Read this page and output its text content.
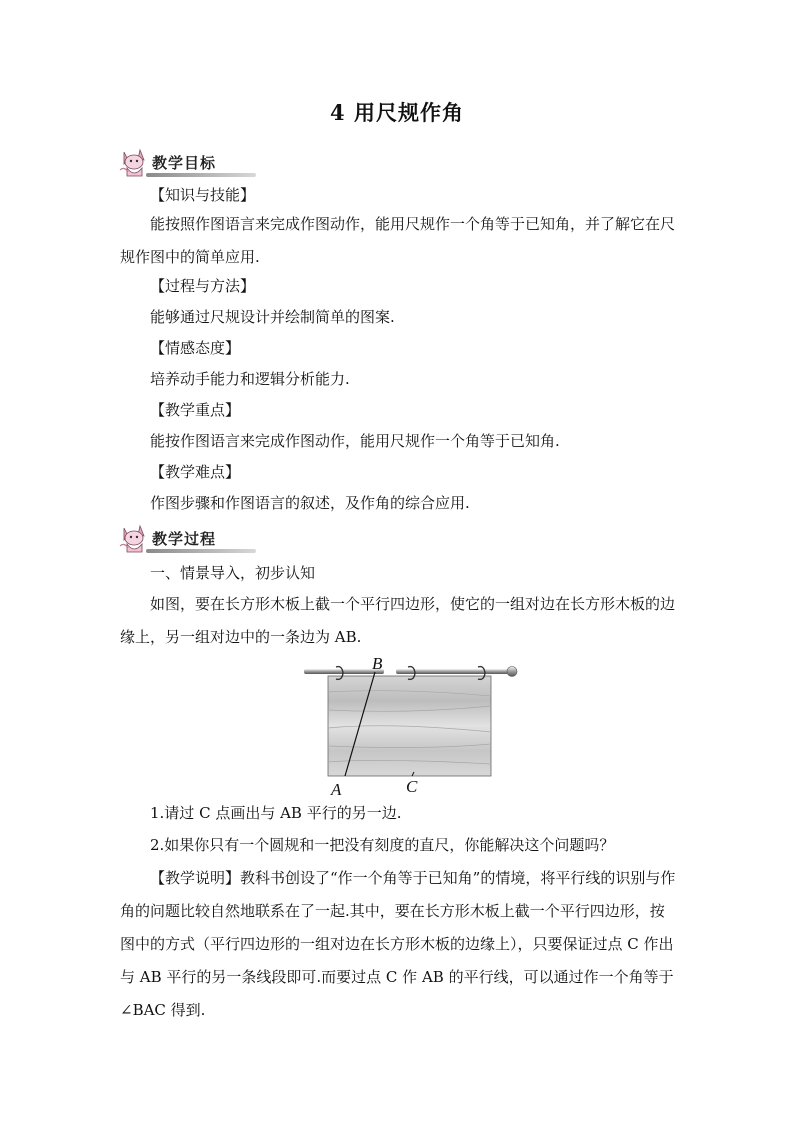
4 用尺规作角
教学目标

【知识与技能】

能按照作图语言来完成作图动作，能用尺规作一个角等于已知角，并了解它在尺规作图中的简单应用.

【过程与方法】

能够通过尺规设计并绘制简单的图案.

【情感态度】

培养动手能力和逻辑分析能力.

【教学重点】

能按作图语言来完成作图动作，能用尺规作一个角等于已知角.

【教学难点】

作图步骤和作图语言的叙述，及作角的综合应用.

教学过程

一、情景导入，初步认知

如图，要在长方形木板上截一个平行四边形，使它的一组对边在长方形木板的边缘上，另一组对边中的一条边为 AB.

B
A	C

1.请过 C 点画出与 AB 平行的另一边.

2.如果你只有一个圆规和一把没有刻度的直尺，你能解决这个问题吗？

【教学说明】教科书创设了“作一个角等于已知角”的情境，将平行线的识别与作角的问题比较自然地联系在了一起.其中，要在长方形木板上截一个平行四边形，按图中的方式（平行四边形的一组对边在长方形木板的边缘上），只要保证过点 C 作出与 AB 平行的另一条线段即可.而要过点 C 作 AB 的平行线，可以通过作一个角等于∠BAC 得到.
